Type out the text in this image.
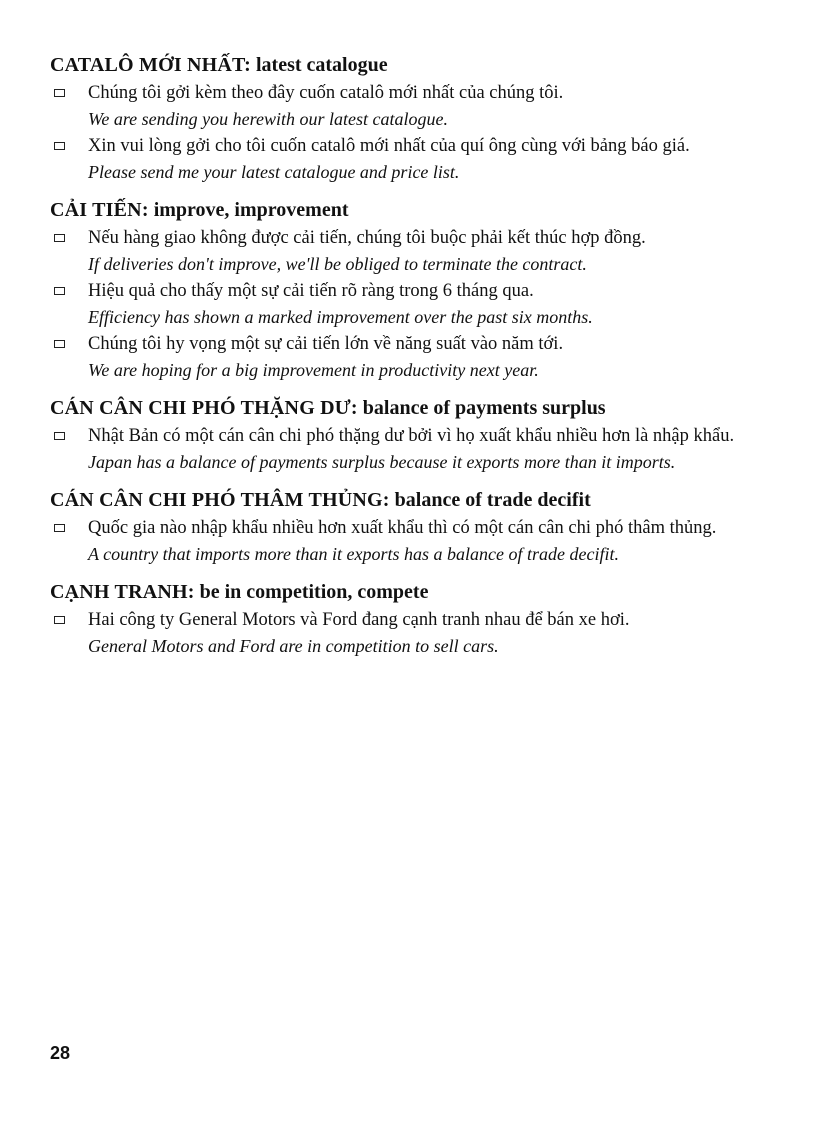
CATALÔ MỚI NHẤT: latest catalogue
Chúng tôi gởi kèm theo đây cuốn catalô mới nhất của chúng tôi.
We are sending you herewith our latest catalogue.
Xin vui lòng gởi cho tôi cuốn catalô mới nhất của quí ông cùng với bảng báo giá.
Please send me your latest catalogue and price list.
CẢI TIẾN: improve, improvement
Nếu hàng giao không được cải tiến, chúng tôi buộc phải kết thúc hợp đồng.
If deliveries don't improve, we'll be obliged to terminate the contract.
Hiệu quả cho thấy một sự cải tiến rõ ràng trong 6 tháng qua.
Efficiency has shown a marked improvement over the past six months.
Chúng tôi hy vọng một sự cải tiến lớn về năng suất vào năm tới.
We are hoping for a big improvement in productivity next year.
CÁN CÂN CHI PHÓ THẶNG DƯ: balance of payments surplus
Nhật Bản có một cán cân chi phó thặng dư bởi vì họ xuất khẩu nhiều hơn là nhập khẩu.
Japan has a balance of payments surplus because it exports more than it imports.
CÁN CÂN CHI PHÓ THÂM THỦNG: balance of trade decifit
Quốc gia nào nhập khẩu nhiều hơn xuất khẩu thì có một cán cân chi phó thâm thủng.
A country that imports more than it exports has a balance of trade decifit.
CẠNH TRANH: be in competition, compete
Hai công ty General Motors và Ford đang cạnh tranh nhau để bán xe hơi.
General Motors and Ford are in competition to sell cars.
28
